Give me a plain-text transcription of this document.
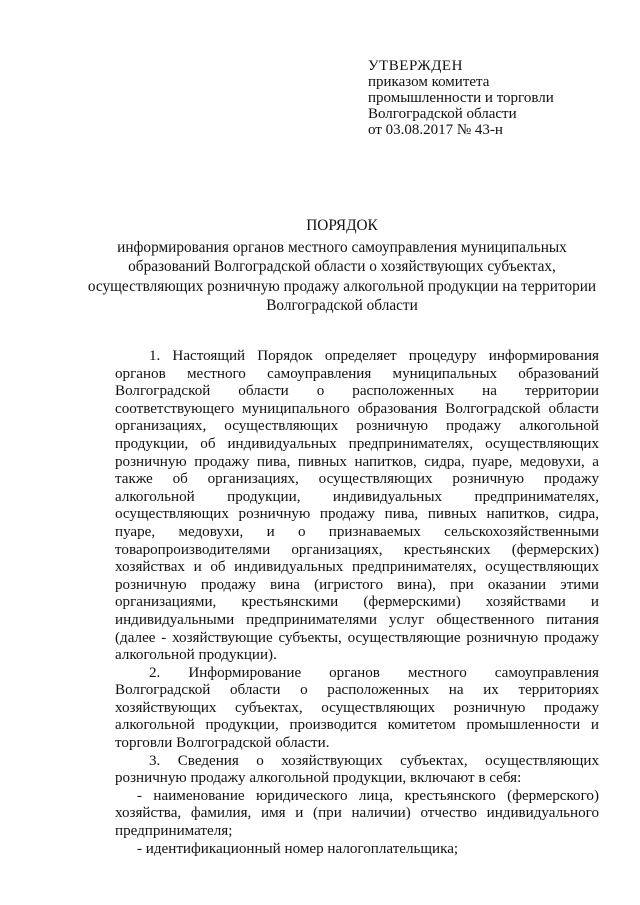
УТВЕРЖДЕН
приказом комитета
промышленности и торговли
Волгоградской области
от 03.08.2017 № 43-н
ПОРЯДОК
информирования органов местного самоуправления муниципальных образований Волгоградской области о хозяйствующих субъектах, осуществляющих розничную продажу алкогольной продукции на территории Волгоградской области

1. Настоящий Порядок определяет процедуру информирования органов местного самоуправления муниципальных образований Волгоградской области о расположенных на территории соответствующего муниципального образования Волгоградской области организациях, осуществляющих розничную продажу алкогольной продукции, об индивидуальных предпринимателях, осуществляющих розничную продажу пива, пивных напитков, сидра, пуаре, медовухи, а также об организациях, осуществляющих розничную продажу алкогольной продукции, индивидуальных предпринимателях, осуществляющих розничную продажу пива, пивных напитков, сидра, пуаре, медовухи, и о признаваемых сельскохозяйственными товаропроизводителями организациях, крестьянских (фермерских) хозяйствах и об индивидуальных предпринимателях, осуществляющих розничную продажу вина (игристого вина), при оказании этими организациями, крестьянскими (фермерскими) хозяйствами и индивидуальными предпринимателями услуг общественного питания (далее - хозяйствующие субъекты, осуществляющие розничную продажу алкогольной продукции).

2. Информирование органов местного самоуправления Волгоградской области о расположенных на их территориях хозяйствующих субъектах, осуществляющих розничную продажу алкогольной продукции, производится комитетом промышленности и торговли Волгоградской области.

3. Сведения о хозяйствующих субъектах, осуществляющих розничную продажу алкогольной продукции, включают в себя:

- наименование юридического лица, крестьянского (фермерского) хозяйства, фамилия, имя и (при наличии) отчество индивидуального предпринимателя;

- идентификационный номер налогоплательщика;
